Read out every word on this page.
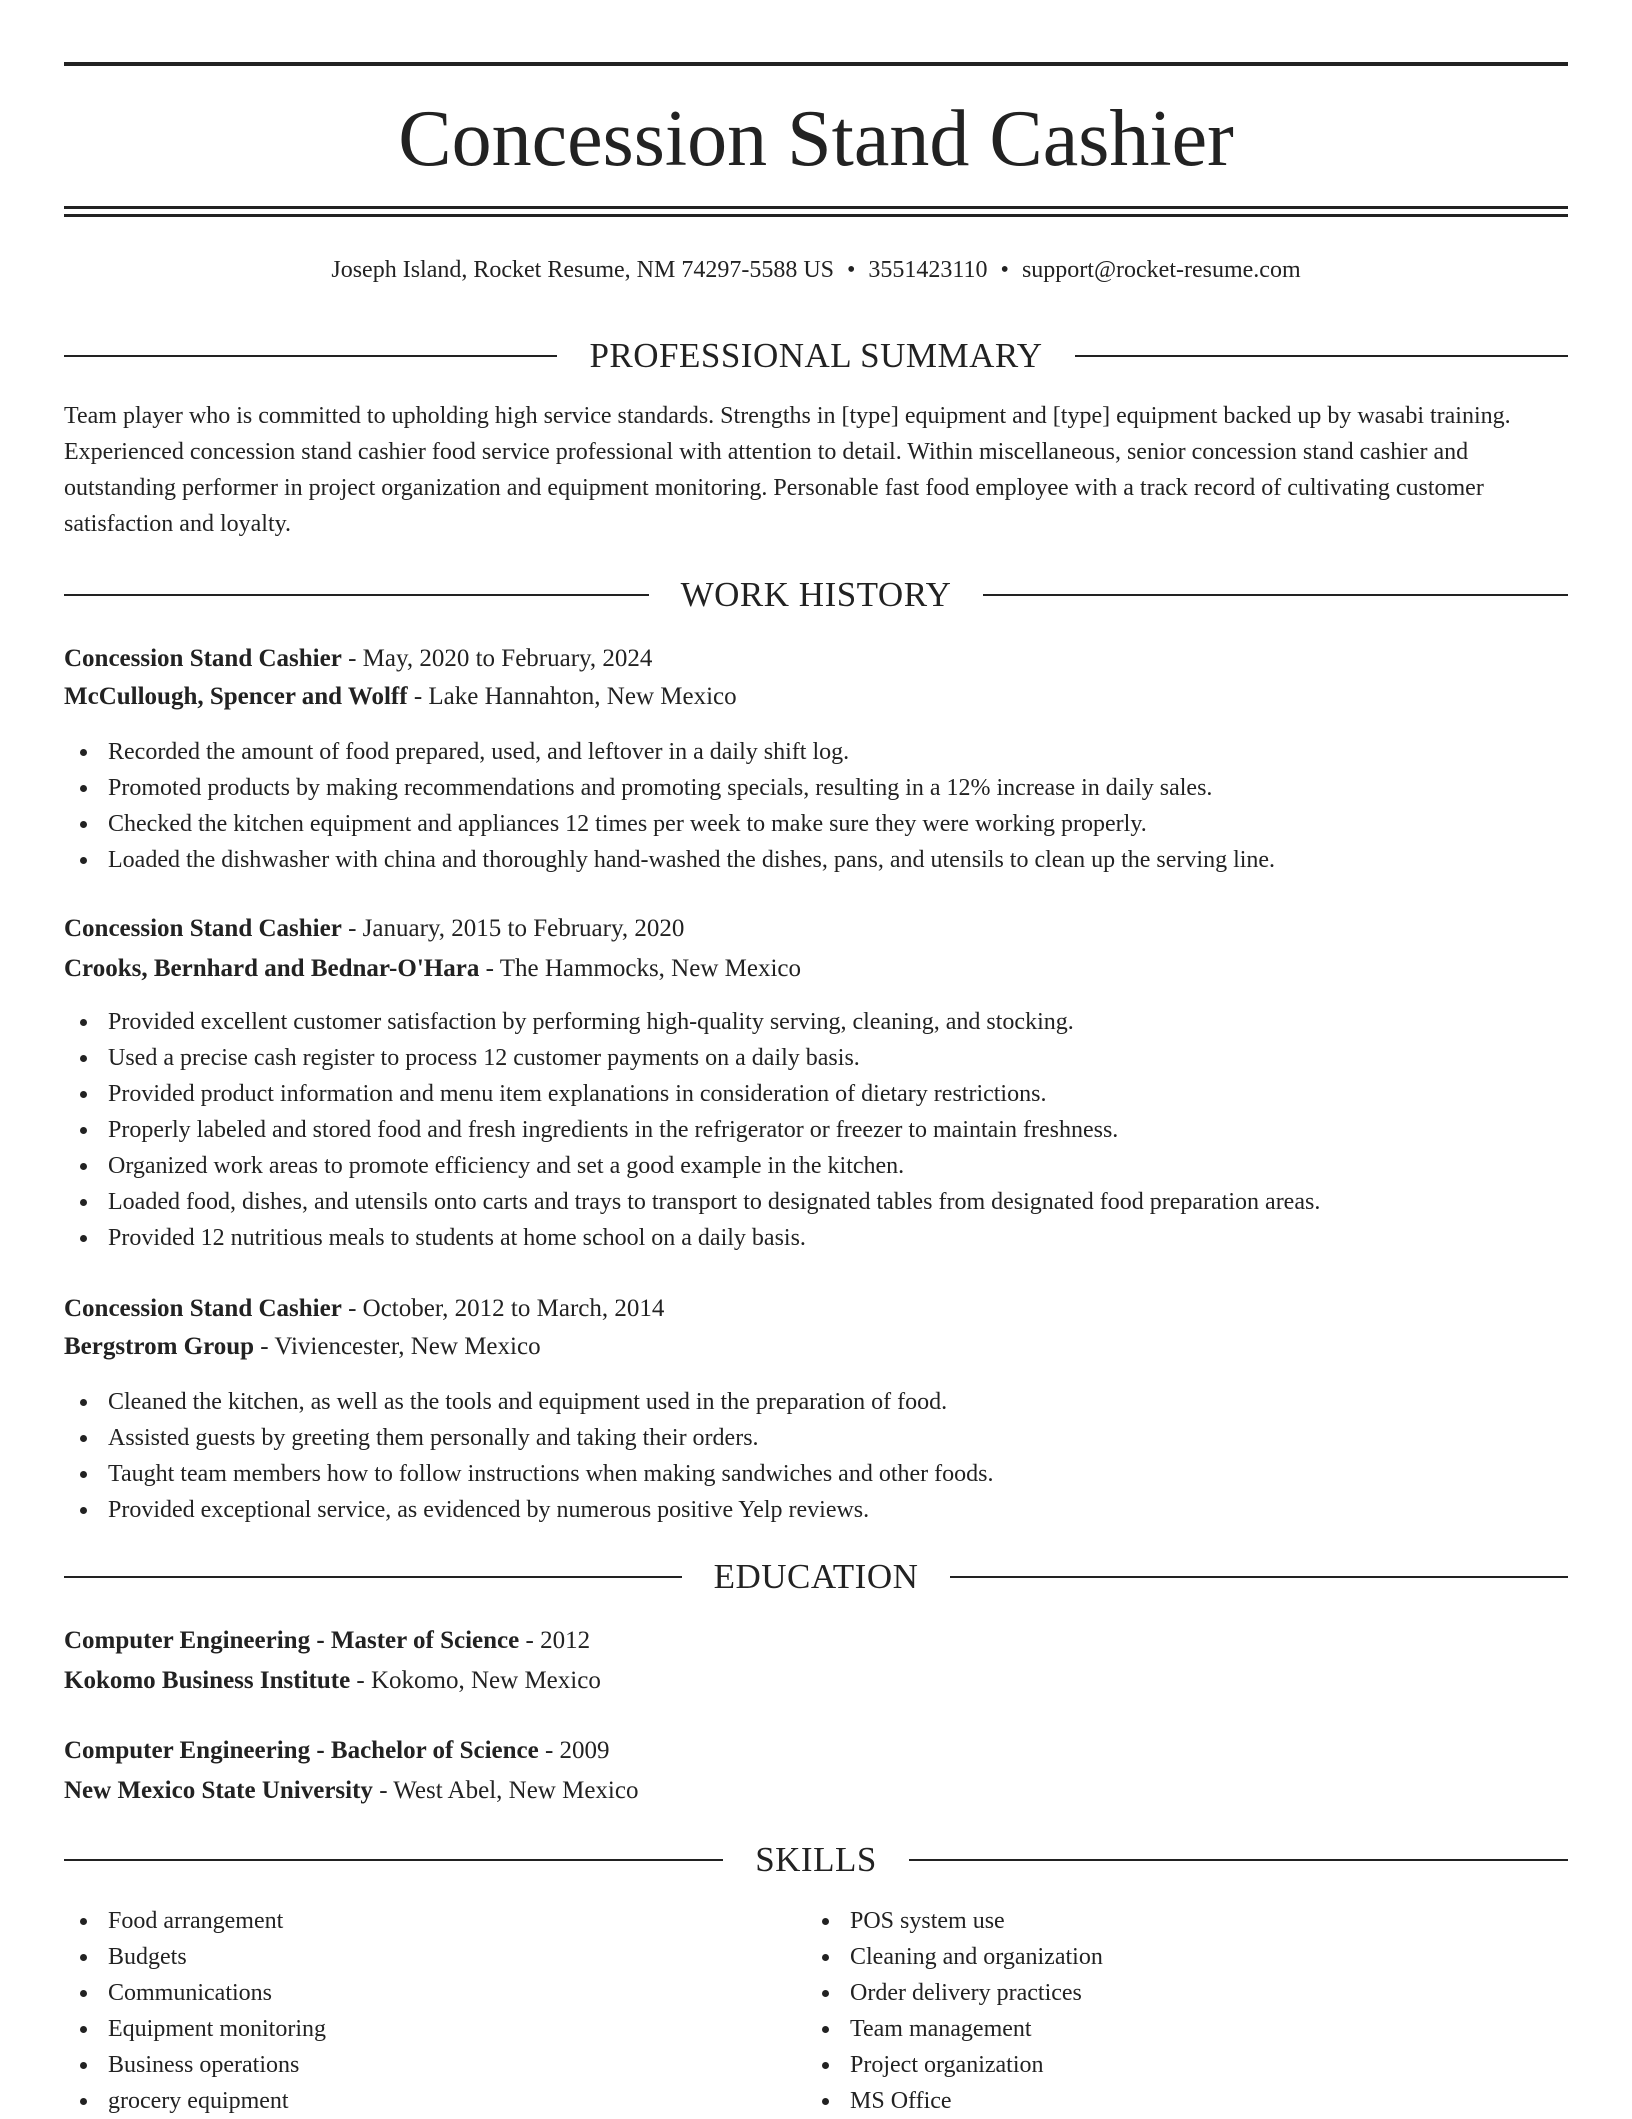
Concession Stand Cashier
Joseph Island, Rocket Resume, NM 74297-5588 US • 3551423110 • support@rocket-resume.com
PROFESSIONAL SUMMARY

Team player who is committed to upholding high service standards. Strengths in [type] equipment and [type] equipment backed up by wasabi training. Experienced concession stand cashier food service professional with attention to detail. Within miscellaneous, senior concession stand cashier and outstanding performer in project organization and equipment monitoring. Personable fast food employee with a track record of cultivating customer satisfaction and loyalty.

WORK HISTORY
Concession Stand Cashier - May, 2020 to February, 2024
McCullough, Spencer and Wolff - Lake Hannahton, New Mexico
Recorded the amount of food prepared, used, and leftover in a daily shift log.
Promoted products by making recommendations and promoting specials, resulting in a 12% increase in daily sales.
Checked the kitchen equipment and appliances 12 times per week to make sure they were working properly.
Loaded the dishwasher with china and thoroughly hand-washed the dishes, pans, and utensils to clean up the serving line.
Concession Stand Cashier - January, 2015 to February, 2020
Crooks, Bernhard and Bednar-O'Hara - The Hammocks, New Mexico
Provided excellent customer satisfaction by performing high-quality serving, cleaning, and stocking.
Used a precise cash register to process 12 customer payments on a daily basis.
Provided product information and menu item explanations in consideration of dietary restrictions.
Properly labeled and stored food and fresh ingredients in the refrigerator or freezer to maintain freshness.
Organized work areas to promote efficiency and set a good example in the kitchen.
Loaded food, dishes, and utensils onto carts and trays to transport to designated tables from designated food preparation areas.
Provided 12 nutritious meals to students at home school on a daily basis.
Concession Stand Cashier - October, 2012 to March, 2014
Bergstrom Group - Viviencester, New Mexico
Cleaned the kitchen, as well as the tools and equipment used in the preparation of food.
Assisted guests by greeting them personally and taking their orders.
Taught team members how to follow instructions when making sandwiches and other foods.
Provided exceptional service, as evidenced by numerous positive Yelp reviews.
EDUCATION
Computer Engineering - Master of Science - 2012
Kokomo Business Institute - Kokomo, New Mexico
Computer Engineering - Bachelor of Science - 2009
New Mexico State University - West Abel, New Mexico
SKILLS
Food arrangement
Budgets
Communications
Equipment monitoring
Business operations
grocery equipment
POS system use
Cleaning and organization
Order delivery practices
Team management
Project organization
MS Office
